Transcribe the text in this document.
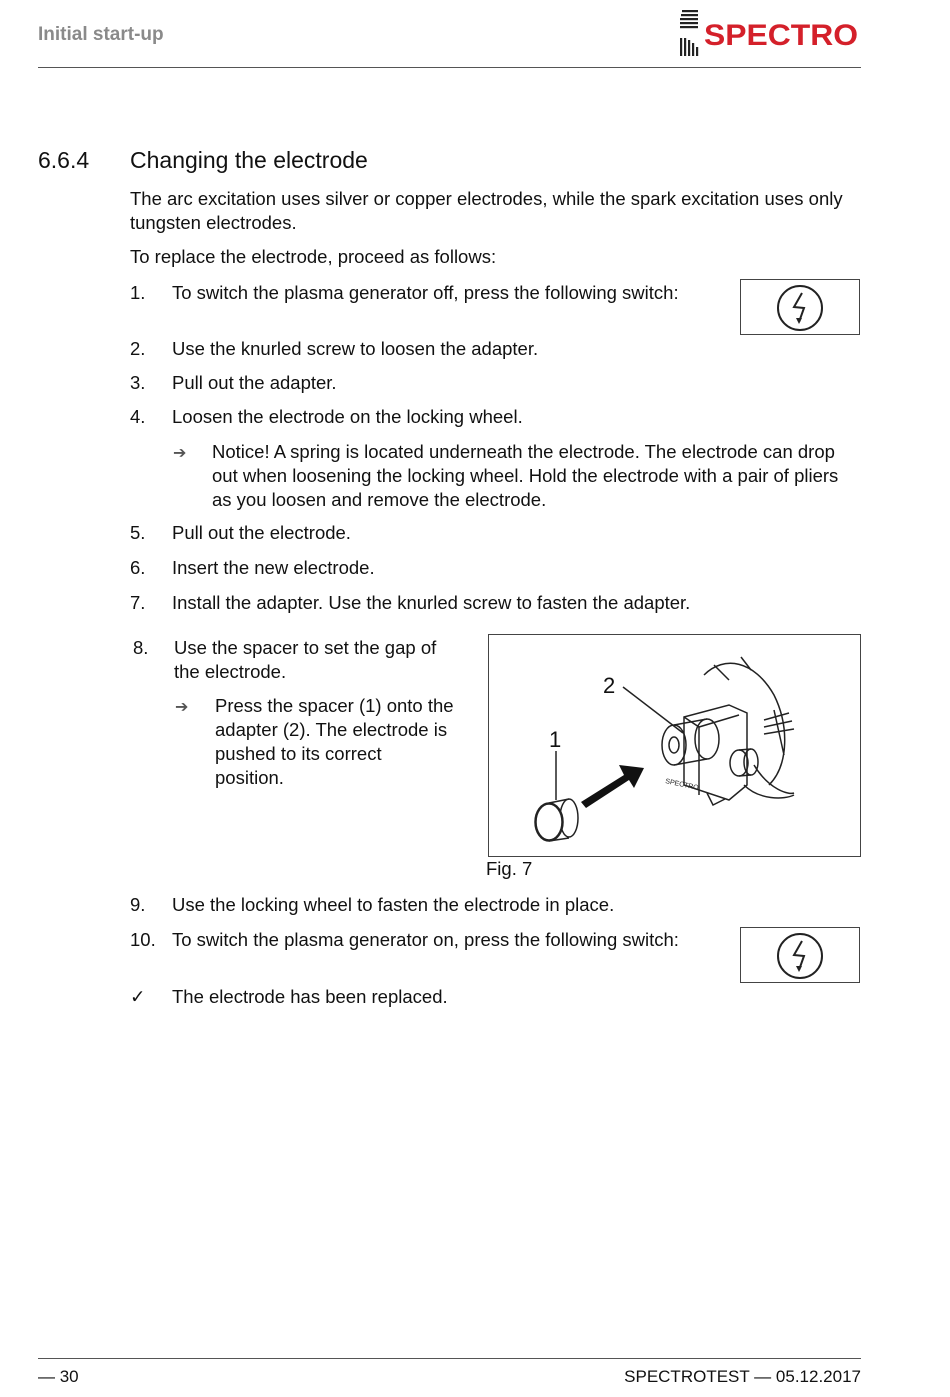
Initial start-up	SPECTRO
6.6.4 Changing the electrode
The arc excitation uses silver or copper electrodes, while the spark excitation uses only tungsten electrodes.
To replace the electrode, proceed as follows:
1. To switch the plasma generator off, press the following switch:
2. Use the knurled screw to loosen the adapter.
3. Pull out the adapter.
4. Loosen the electrode on the locking wheel.
➔ Notice! A spring is located underneath the electrode. The electrode can drop out when loosening the locking wheel. Hold the electrode with a pair of pliers as you loosen and remove the electrode.
5. Pull out the electrode.
6. Insert the new electrode.
7. Install the adapter. Use the knurled screw to fasten the adapter.
8. Use the spacer to set the gap of the electrode.
➔ Press the spacer (1) onto the adapter (2). The electrode is pushed to its correct position.	SPECTRO
2
1
Fig. 7
9. Use the locking wheel to fasten the electrode in place.
10. To switch the plasma generator on, press the following switch:
✓ The electrode has been replaced.
— 30	SPECTROTEST — 05.12.2017
